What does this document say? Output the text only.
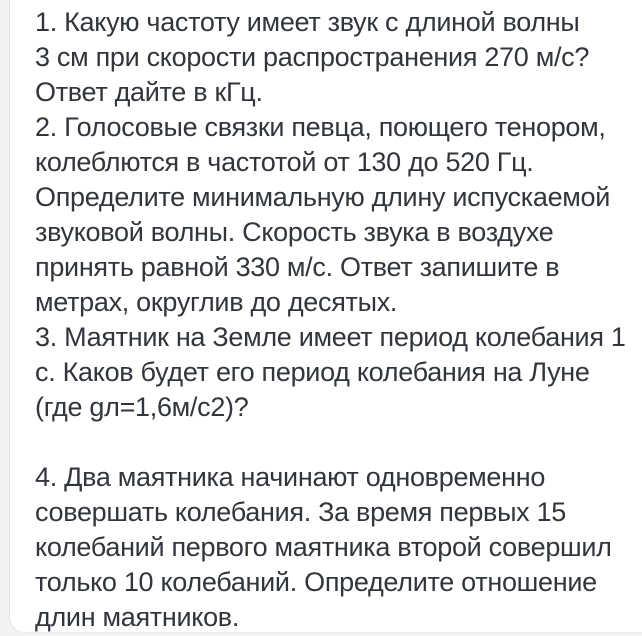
1. Какую частоту имеет звук с длиной волны
3 см при скорости распространения 270 м/с?
Ответ дайте в кГц.
2. Голосовые связки певца, поющего тенором,
колеблются в частотой от 130 до 520 Гц.
Определите минимальную длину испускаемой
звуковой волны. Скорость звука в воздухе
принять равной 330 м/с. Ответ запишите в
метрах, округлив до десятых.
3. Маятник на Земле имеет период колебания 1
с. Каков будет его период колебания на Луне
(где gл=1,6м/с2)?
4. Два маятника начинают одновременно
совершать колебания. За время первых 15
колебаний первого маятника второй совершил
только 10 колебаний. Определите отношение
длин маятников.
